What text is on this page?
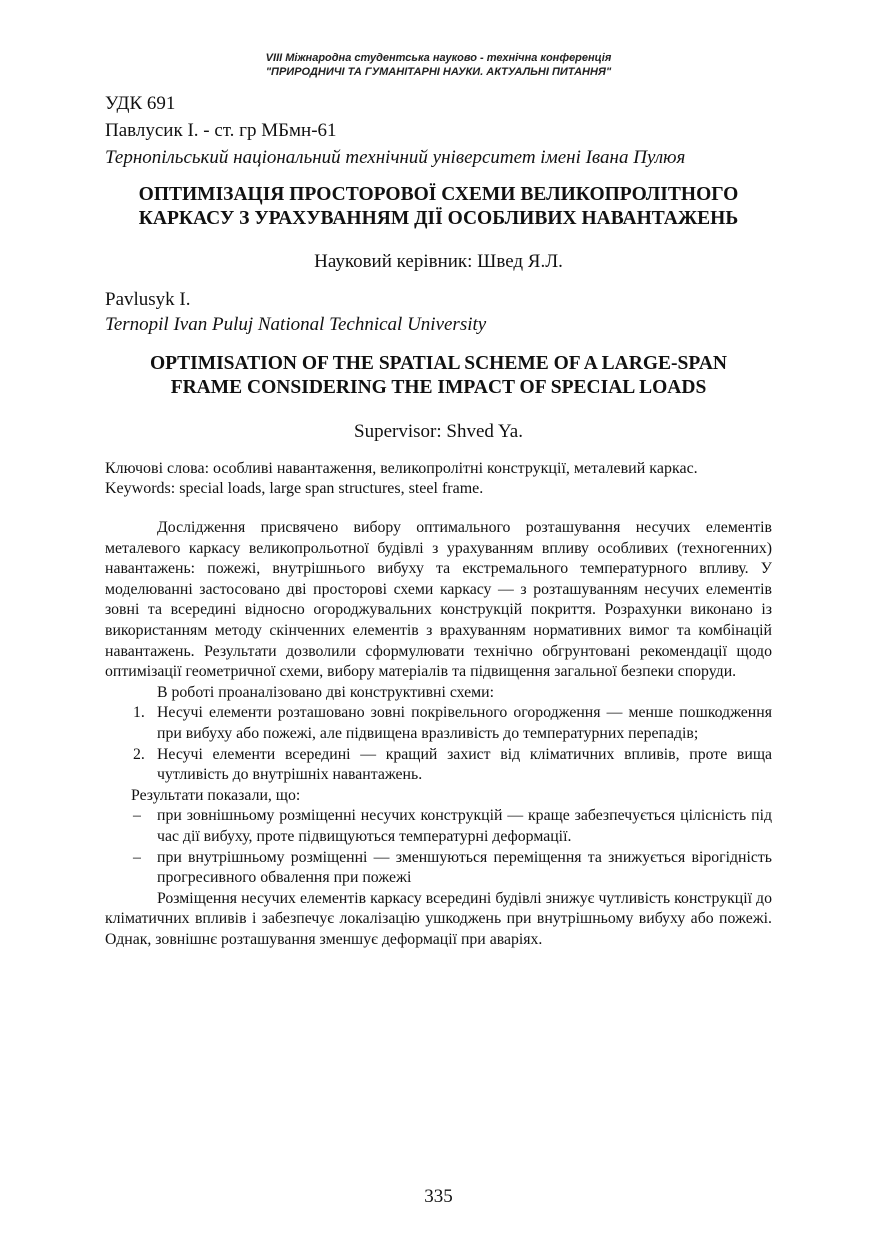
VIII Міжнародна студентська науково - технічна конференція
"ПРИРОДНИЧІ ТА ГУМАНІТАРНІ НАУКИ. АКТУАЛЬНІ ПИТАННЯ"
УДК 691
Павлусик І. - ст. гр МБмн-61
Тернопільський національний технічний університет імені Івана Пулюя
ОПТИМІЗАЦІЯ ПРОСТОРОВОЇ СХЕМИ ВЕЛИКОПРОЛІТНОГО
КАРКАСУ З УРАХУВАННЯМ ДІЇ ОСОБЛИВИХ НАВАНТАЖЕНЬ
Науковий керівник: Швед Я.Л.
Pavlusyk I.
Ternopil Ivan Puluj National Technical University
OPTIMISATION OF THE SPATIAL SCHEME OF A LARGE-SPAN
FRAME CONSIDERING THE IMPACT OF SPECIAL LOADS
Supervisor: Shved Ya.
Ключові слова: особливі навантаження, великопролітні конструкції, металевий каркас.
Keywords: special loads, large span structures, steel frame.

Дослідження присвячено вибору оптимального розташування несучих елементів металевого каркасу великопрольотної будівлі з урахуванням впливу особливих (техногенних) навантажень: пожежі, внутрішнього вибуху та екстремального температурного впливу. У моделюванні застосовано дві просторові схеми каркасу — з розташуванням несучих елементів зовні та всередині відносно огороджувальних конструкцій покриття. Розрахунки виконано із використанням методу скінченних елементів з врахуванням нормативних вимог та комбінацій навантажень. Результати дозволили сформулювати технічно обгрунтовані рекомендації щодо оптимізації геометричної схеми, вибору матеріалів та підвищення загальної безпеки споруди.

В роботі проаналізовано дві конструктивні схеми:

1. Несучі елементи розташовано зовні покрівельного огородження — менше пошкодження при вибуху або пожежі, але підвищена вразливість до температурних перепадів;
2. Несучі елементи всередині — кращий захист від кліматичних впливів, проте вища чутливість до внутрішніх навантажень.

Результати показали, що:

– при зовнішньому розміщенні несучих конструкцій — краще забезпечується цілісність під час дії вибуху, проте підвищуються температурні деформації.
– при внутрішньому розміщенні — зменшуються переміщення та знижується вірогідність прогресивного обвалення при пожежі

Розміщення несучих елементів каркасу всередині будівлі знижує чутливість конструкції до кліматичних впливів і забезпечує локалізацію ушкоджень при внутрішньому вибуху або пожежі. Однак, зовнішнє розташування зменшує деформації при аваріях.

335
